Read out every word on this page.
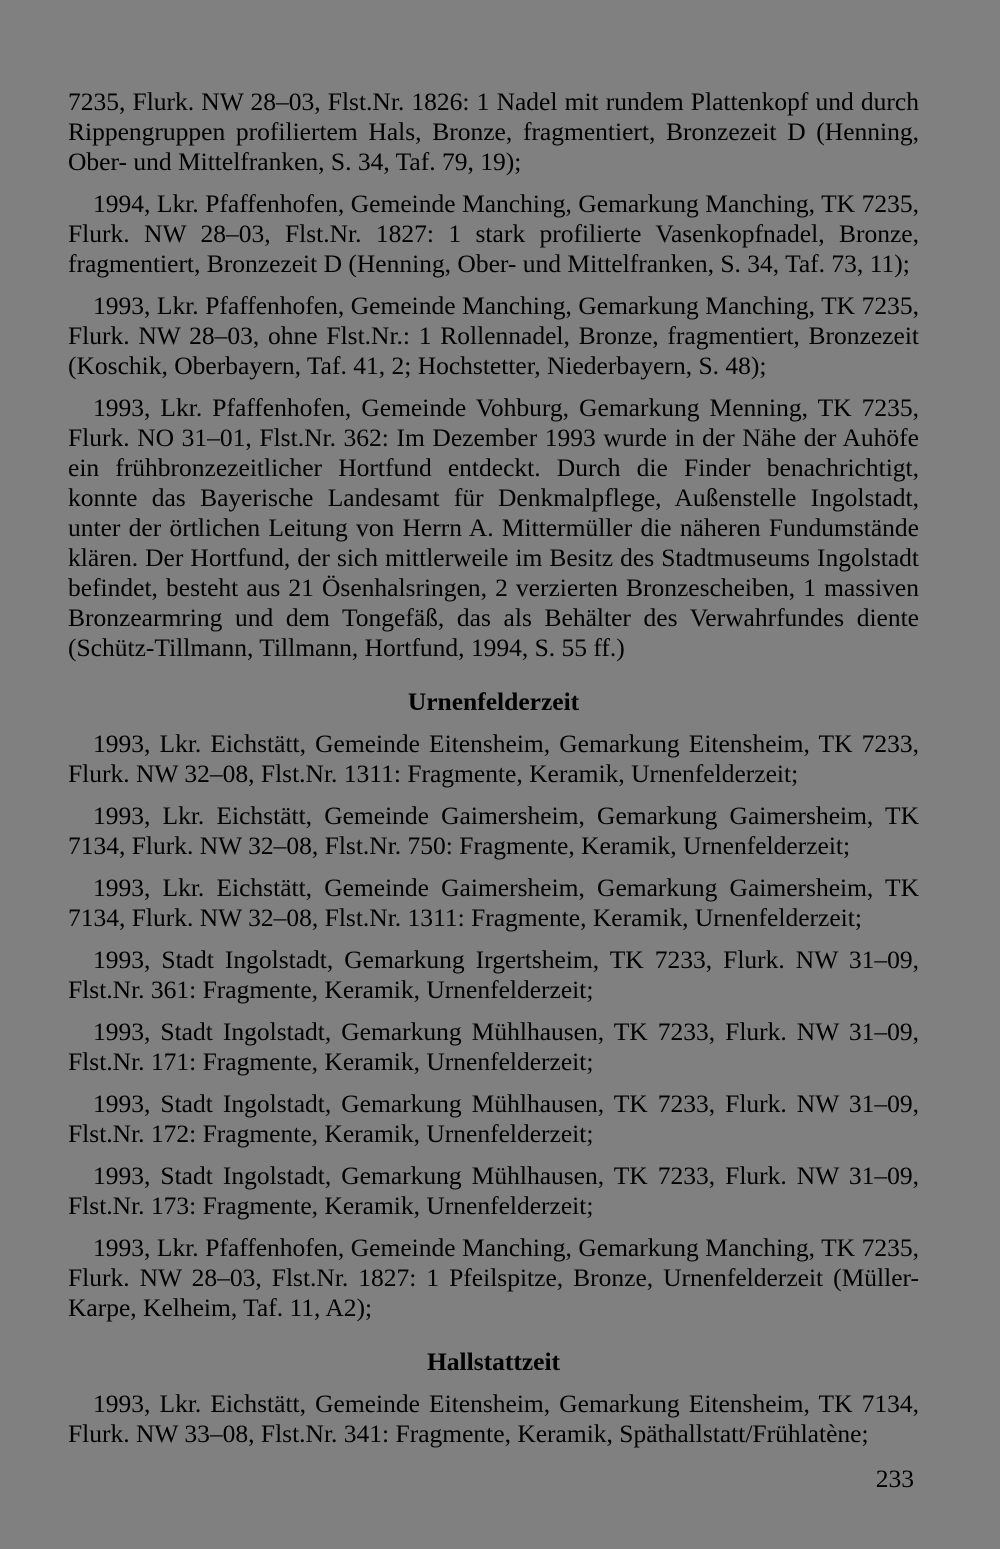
7235, Flurk. NW 28–03, Flst.Nr. 1826: 1 Nadel mit rundem Plattenkopf und durch Rippengruppen profiliertem Hals, Bronze, fragmentiert, Bronzezeit D (Henning, Ober- und Mittelfranken, S. 34, Taf. 79, 19);

1994, Lkr. Pfaffenhofen, Gemeinde Manching, Gemarkung Manching, TK 7235, Flurk. NW 28–03, Flst.Nr. 1827: 1 stark profilierte Vasenkopfnadel, Bronze, fragmentiert, Bronzezeit D (Henning, Ober- und Mittelfranken, S. 34, Taf. 73, 11);

1993, Lkr. Pfaffenhofen, Gemeinde Manching, Gemarkung Manching, TK 7235, Flurk. NW 28–03, ohne Flst.Nr.: 1 Rollennadel, Bronze, fragmentiert, Bronzezeit (Koschik, Oberbayern, Taf. 41, 2; Hochstetter, Niederbayern, S. 48);

1993, Lkr. Pfaffenhofen, Gemeinde Vohburg, Gemarkung Menning, TK 7235, Flurk. NO 31–01, Flst.Nr. 362: Im Dezember 1993 wurde in der Nähe der Auhöfe ein frühbronzezeitlicher Hortfund entdeckt. Durch die Finder benachrichtigt, konnte das Bayerische Landesamt für Denkmalpflege, Außenstelle Ingolstadt, unter der örtlichen Leitung von Herrn A. Mittermüller die näheren Fundumstände klären. Der Hortfund, der sich mittlerweile im Besitz des Stadtmuseums Ingolstadt befindet, besteht aus 21 Ösenhalsringen, 2 verzierten Bronzescheiben, 1 massiven Bronzearmring und dem Tongefäß, das als Behälter des Verwahrfundes diente (Schütz-Tillmann, Tillmann, Hortfund, 1994, S. 55 ff.)

Urnenfelderzeit

1993, Lkr. Eichstätt, Gemeinde Eitensheim, Gemarkung Eitensheim, TK 7233, Flurk. NW 32–08, Flst.Nr. 1311: Fragmente, Keramik, Urnenfelderzeit;

1993, Lkr. Eichstätt, Gemeinde Gaimersheim, Gemarkung Gaimersheim, TK 7134, Flurk. NW 32–08, Flst.Nr. 750: Fragmente, Keramik, Urnenfelderzeit;

1993, Lkr. Eichstätt, Gemeinde Gaimersheim, Gemarkung Gaimersheim, TK 7134, Flurk. NW 32–08, Flst.Nr. 1311: Fragmente, Keramik, Urnenfelderzeit;

1993, Stadt Ingolstadt, Gemarkung Irgertsheim, TK 7233, Flurk. NW 31–09, Flst.Nr. 361: Fragmente, Keramik, Urnenfelderzeit;

1993, Stadt Ingolstadt, Gemarkung Mühlhausen, TK 7233, Flurk. NW 31–09, Flst.Nr. 171: Fragmente, Keramik, Urnenfelderzeit;

1993, Stadt Ingolstadt, Gemarkung Mühlhausen, TK 7233, Flurk. NW 31–09, Flst.Nr. 172: Fragmente, Keramik, Urnenfelderzeit;

1993, Stadt Ingolstadt, Gemarkung Mühlhausen, TK 7233, Flurk. NW 31–09, Flst.Nr. 173: Fragmente, Keramik, Urnenfelderzeit;

1993, Lkr. Pfaffenhofen, Gemeinde Manching, Gemarkung Manching, TK 7235, Flurk. NW 28–03, Flst.Nr. 1827: 1 Pfeilspitze, Bronze, Urnenfelderzeit (Müller-Karpe, Kelheim, Taf. 11, A2);

Hallstattzeit

1993, Lkr. Eichstätt, Gemeinde Eitensheim, Gemarkung Eitensheim, TK 7134, Flurk. NW 33–08, Flst.Nr. 341: Fragmente, Keramik, Späthallstatt/Frühlatène;

233
